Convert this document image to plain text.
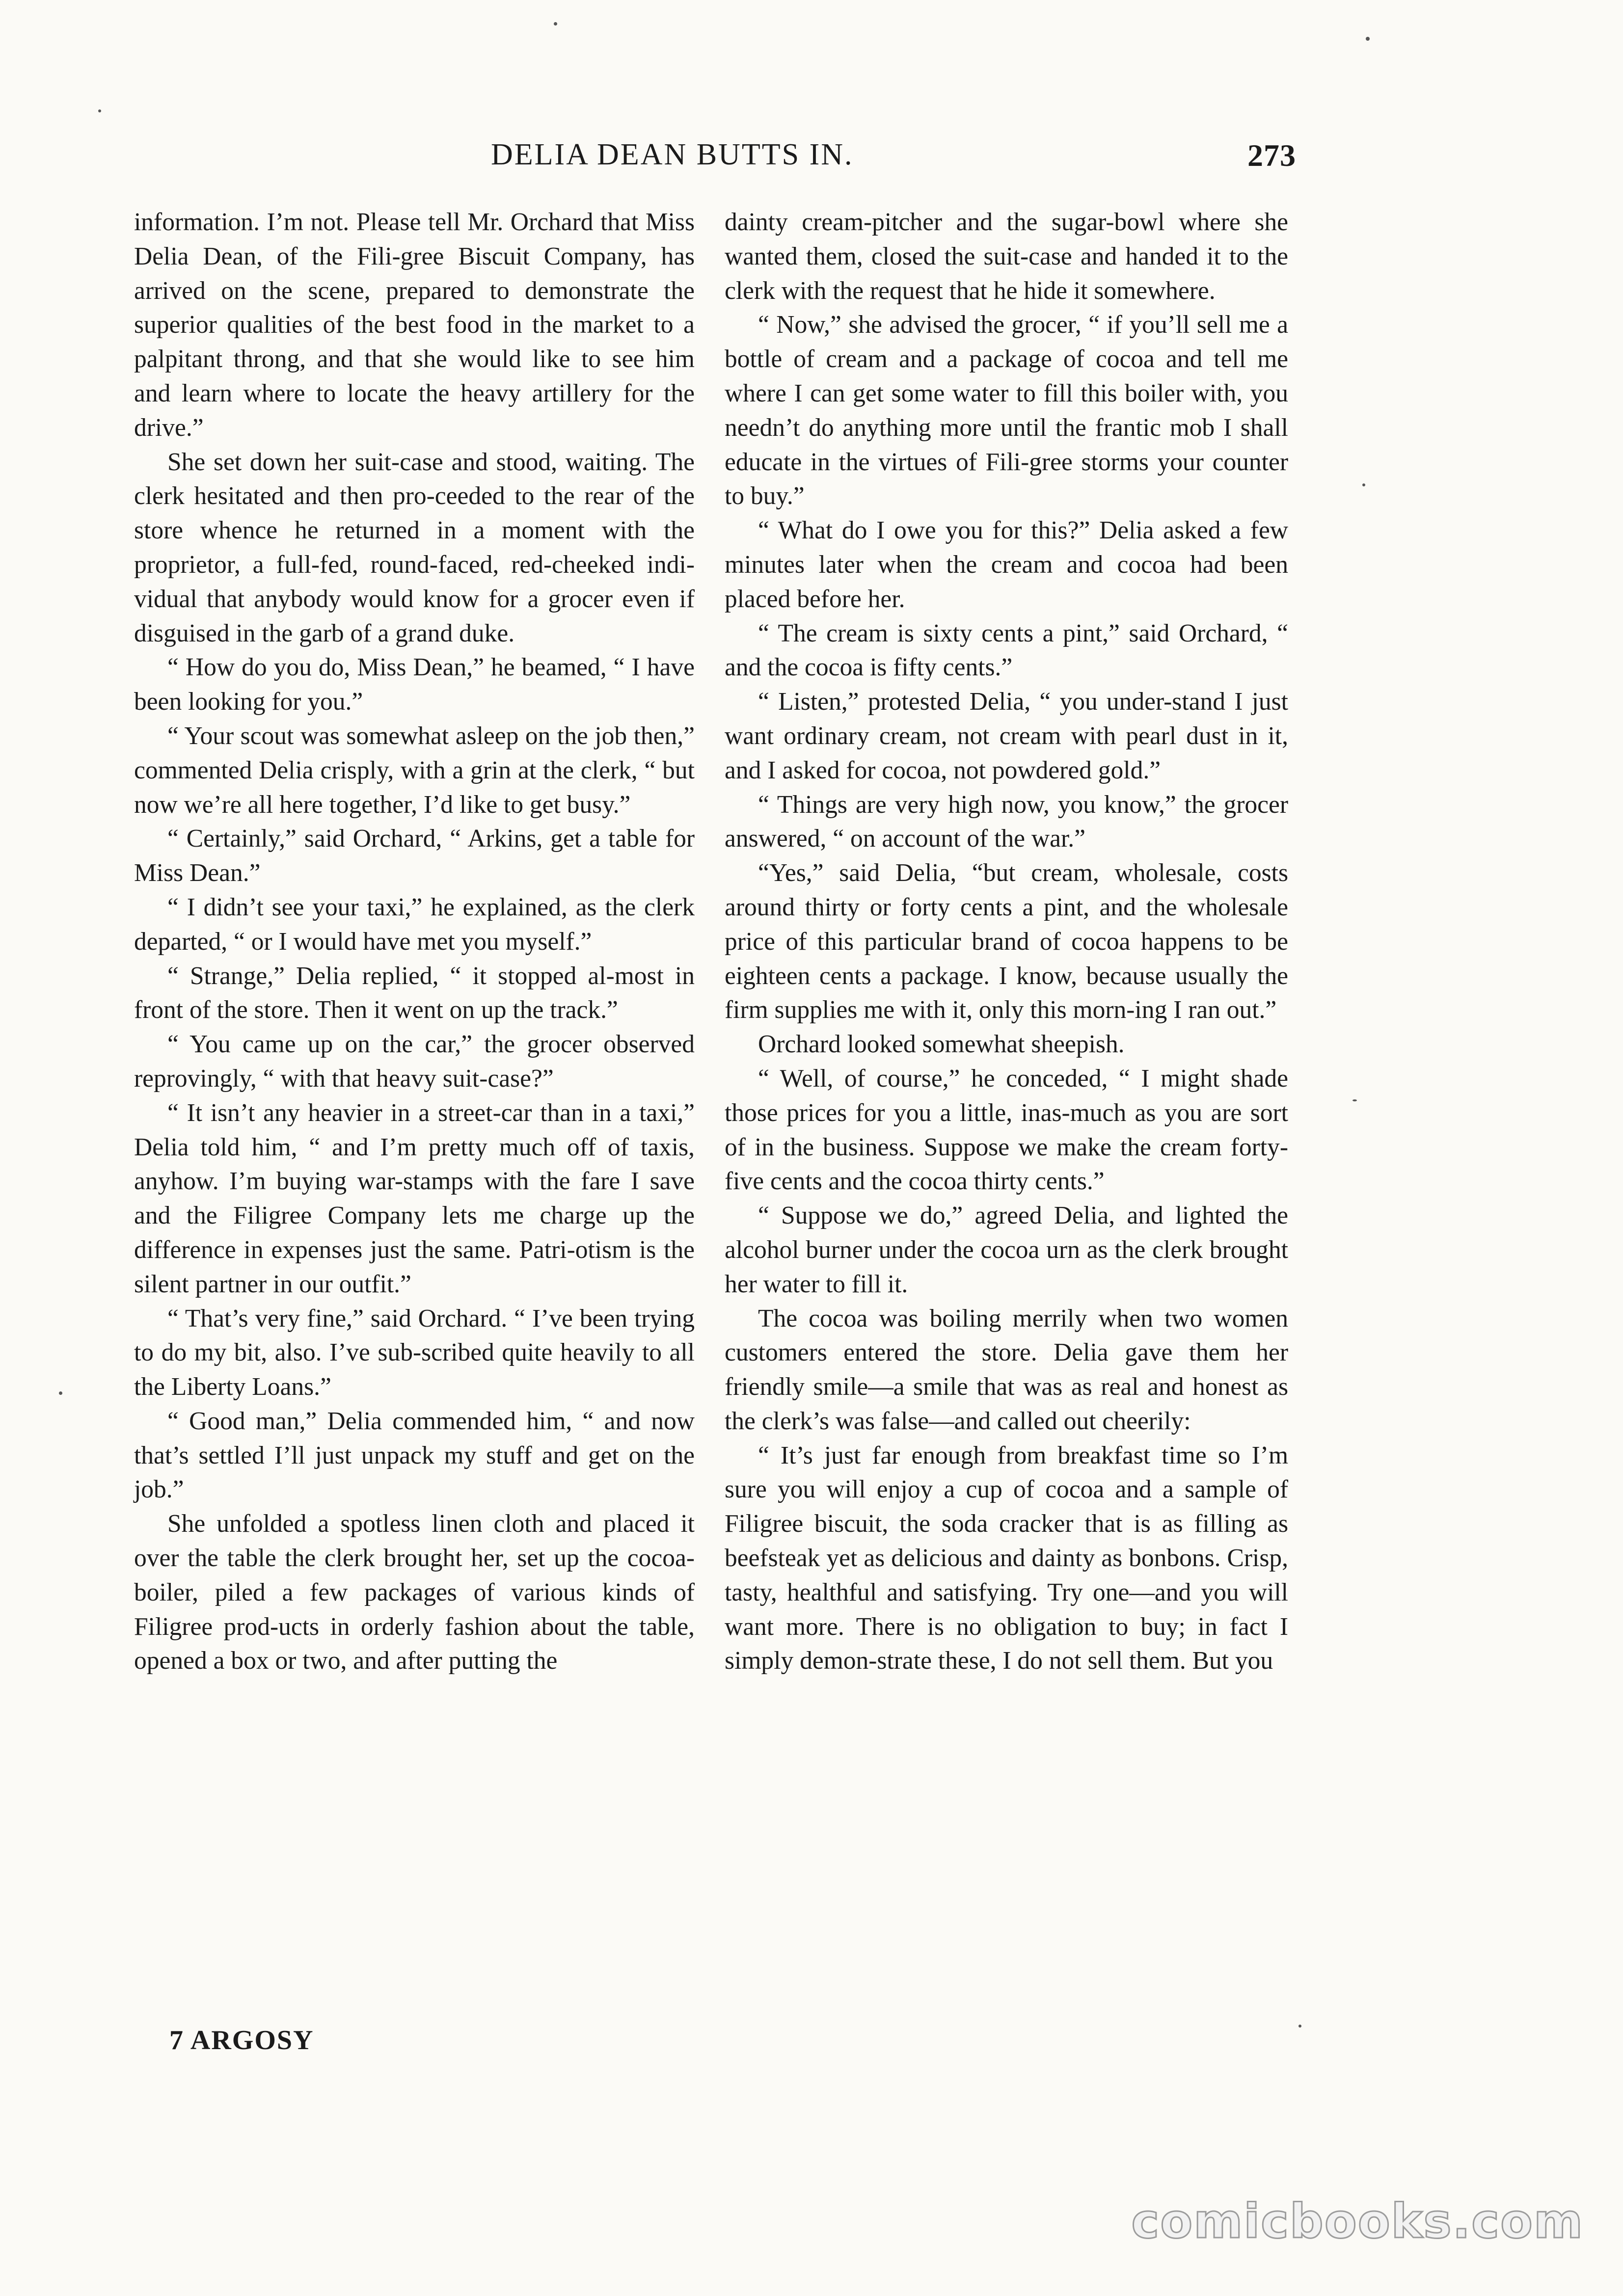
DELIA DEAN BUTTS IN.	273

information. I’m not. Please tell Mr. Orchard that Miss Delia Dean, of the Fili-gree Biscuit Company, has arrived on the scene, prepared to demonstrate the superior qualities of the best food in the market to a palpitant throng, and that she would like to see him and learn where to locate the heavy artillery for the drive.”

She set down her suit-case and stood, waiting. The clerk hesitated and then pro-ceeded to the rear of the store whence he returned in a moment with the proprietor, a full-fed, round-faced, red-cheeked indi-vidual that anybody would know for a grocer even if disguised in the garb of a grand duke.

“ How do you do, Miss Dean,” he beamed, “ I have been looking for you.”

“ Your scout was somewhat asleep on the job then,” commented Delia crisply, with a grin at the clerk, “ but now we’re all here together, I’d like to get busy.”

“ Certainly,” said Orchard, “ Arkins, get a table for Miss Dean.”

“ I didn’t see your taxi,” he explained, as the clerk departed, “ or I would have met you myself.”

“ Strange,” Delia replied, “ it stopped al-most in front of the store. Then it went on up the track.”

“ You came up on the car,” the grocer observed reprovingly, “ with that heavy suit-case?”

“ It isn’t any heavier in a street-car than in a taxi,” Delia told him, “ and I’m pretty much off of taxis, anyhow. I’m buying war-stamps with the fare I save and the Filigree Company lets me charge up the difference in expenses just the same. Patri-otism is the silent partner in our outfit.”

“ That’s very fine,” said Orchard. “ I’ve been trying to do my bit, also. I’ve sub-scribed quite heavily to all the Liberty Loans.”

“ Good man,” Delia commended him, “ and now that’s settled I’ll just unpack my stuff and get on the job.”

She unfolded a spotless linen cloth and placed it over the table the clerk brought her, set up the cocoa-boiler, piled a few packages of various kinds of Filigree prod-ucts in orderly fashion about the table, opened a box or two, and after putting the

dainty cream-pitcher and the sugar-bowl where she wanted them, closed the suit-case and handed it to the clerk with the request that he hide it somewhere.

“ Now,” she advised the grocer, “ if you’ll sell me a bottle of cream and a package of cocoa and tell me where I can get some water to fill this boiler with, you needn’t do anything more until the frantic mob I shall educate in the virtues of Fili-gree storms your counter to buy.”

“ What do I owe you for this?” Delia asked a few minutes later when the cream and cocoa had been placed before her.

“ The cream is sixty cents a pint,” said Orchard, “ and the cocoa is fifty cents.”

“ Listen,” protested Delia, “ you under-stand I just want ordinary cream, not cream with pearl dust in it, and I asked for cocoa, not powdered gold.”

“ Things are very high now, you know,” the grocer answered, “ on account of the war.”

“Yes,” said Delia, “but cream, wholesale, costs around thirty or forty cents a pint, and the wholesale price of this particular brand of cocoa happens to be eighteen cents a package. I know, because usually the firm supplies me with it, only this morn-ing I ran out.”

Orchard looked somewhat sheepish.

“ Well, of course,” he conceded, “ I might shade those prices for you a little, inas-much as you are sort of in the business. Suppose we make the cream forty-five cents and the cocoa thirty cents.”

“ Suppose we do,” agreed Delia, and lighted the alcohol burner under the cocoa urn as the clerk brought her water to fill it.

The cocoa was boiling merrily when two women customers entered the store. Delia gave them her friendly smile—a smile that was as real and honest as the clerk’s was false—and called out cheerily:

“ It’s just far enough from breakfast time so I’m sure you will enjoy a cup of cocoa and a sample of Filigree biscuit, the soda cracker that is as filling as beefsteak yet as delicious and dainty as bonbons. Crisp, tasty, healthful and satisfying. Try one—and you will want more. There is no obligation to buy; in fact I simply demon-strate these, I do not sell them. But you

7 ARGOSY
comicbooks.com
